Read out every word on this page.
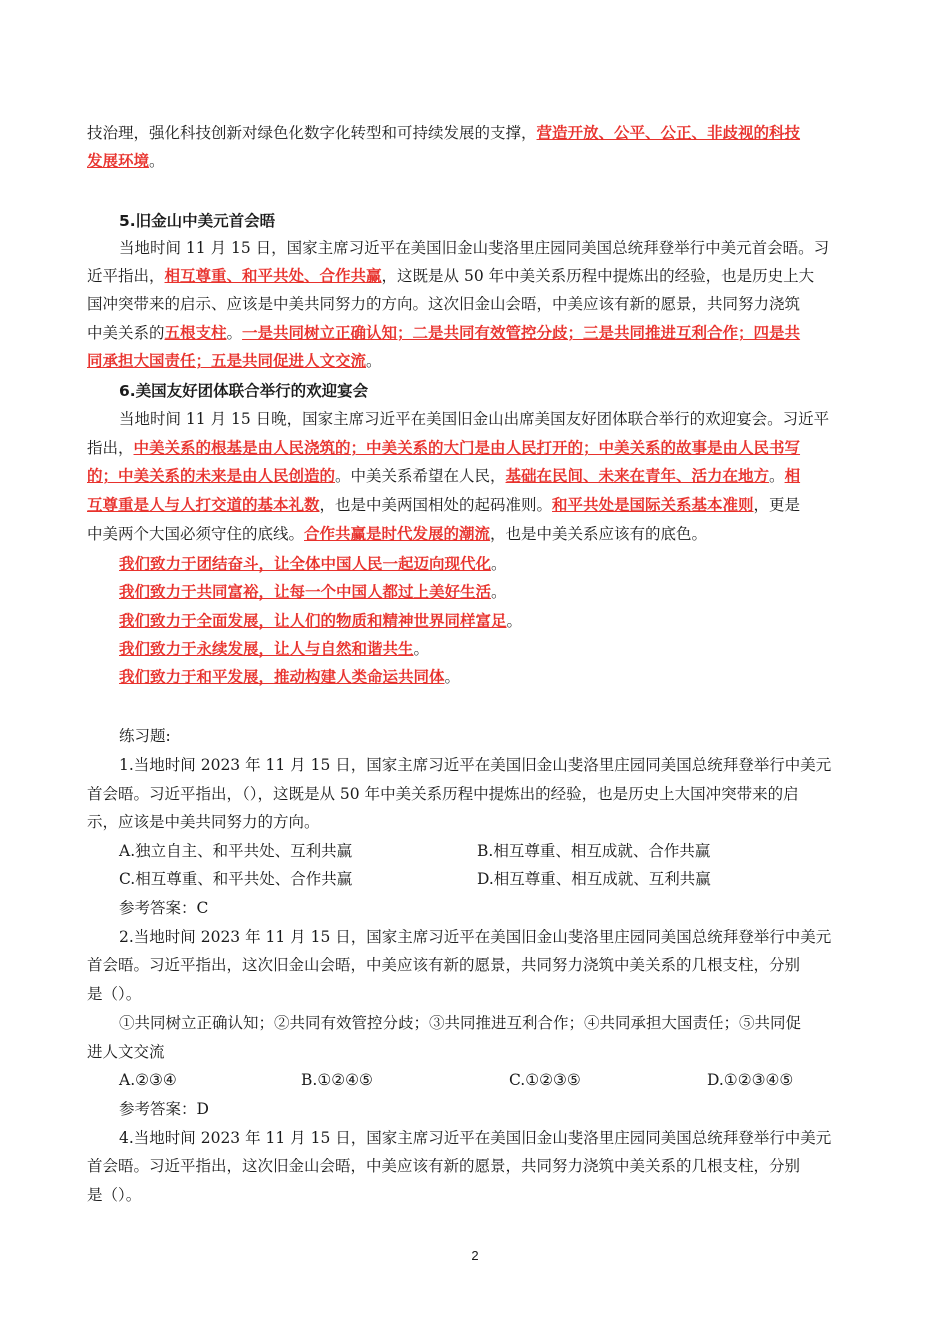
技治理，强化科技创新对绿色化数字化转型和可持续发展的支撑，营造开放、公平、公正、非歧视的科技

发展环境。

5.旧金山中美元首会晤

当地时间 11 月 15 日，国家主席习近平在美国旧金山斐洛里庄园同美国总统拜登举行中美元首会晤。习

近平指出，相互尊重、和平共处、合作共赢，这既是从 50 年中美关系历程中提炼出的经验，也是历史上大

国冲突带来的启示、应该是中美共同努力的方向。这次旧金山会晤，中美应该有新的愿景，共同努力浇筑

中美关系的五根支柱。一是共同树立正确认知；二是共同有效管控分歧；三是共同推进互利合作；四是共

同承担大国责任；五是共同促进人文交流。

6.美国友好团体联合举行的欢迎宴会

当地时间 11 月 15 日晚，国家主席习近平在美国旧金山出席美国友好团体联合举行的欢迎宴会。习近平

指出，中美关系的根基是由人民浇筑的；中美关系的大门是由人民打开的；中美关系的故事是由人民书写

的；中美关系的未来是由人民创造的。中美关系希望在人民，基础在民间、未来在青年、活力在地方。相

互尊重是人与人打交道的基本礼数，也是中美两国相处的起码准则。和平共处是国际关系基本准则，更是

中美两个大国必须守住的底线。合作共赢是时代发展的潮流，也是中美关系应该有的底色。

我们致力于团结奋斗，让全体中国人民一起迈向现代化。

我们致力于共同富裕，让每一个中国人都过上美好生活。

我们致力于全面发展，让人们的物质和精神世界同样富足。

我们致力于永续发展，让人与自然和谐共生。

我们致力于和平发展，推动构建人类命运共同体。

练习题:

1.当地时间 2023 年 11 月 15 日，国家主席习近平在美国旧金山斐洛里庄园同美国总统拜登举行中美元

首会晤。习近平指出，（），这既是从 50 年中美关系历程中提炼出的经验，也是历史上大国冲突带来的启

示，应该是中美共同努力的方向。

A.独立自主、和平共处、互利共赢	B.相互尊重、相互成就、合作共赢
C.相互尊重、和平共处、合作共赢	D.相互尊重、相互成就、互利共赢

参考答案：C

2.当地时间 2023 年 11 月 15 日，国家主席习近平在美国旧金山斐洛里庄园同美国总统拜登举行中美元

首会晤。习近平指出，这次旧金山会晤，中美应该有新的愿景，共同努力浇筑中美关系的几根支柱，分别

是（）。

①共同树立正确认知；②共同有效管控分歧；③共同推进互利合作；④共同承担大国责任；⑤共同促

进人文交流

A.②③④	B.①②④⑤	C.①②③⑤	D.①②③④⑤

参考答案：D

4.当地时间 2023 年 11 月 15 日，国家主席习近平在美国旧金山斐洛里庄园同美国总统拜登举行中美元

首会晤。习近平指出，这次旧金山会晤，中美应该有新的愿景，共同努力浇筑中美关系的几根支柱，分别

是（）。

2
